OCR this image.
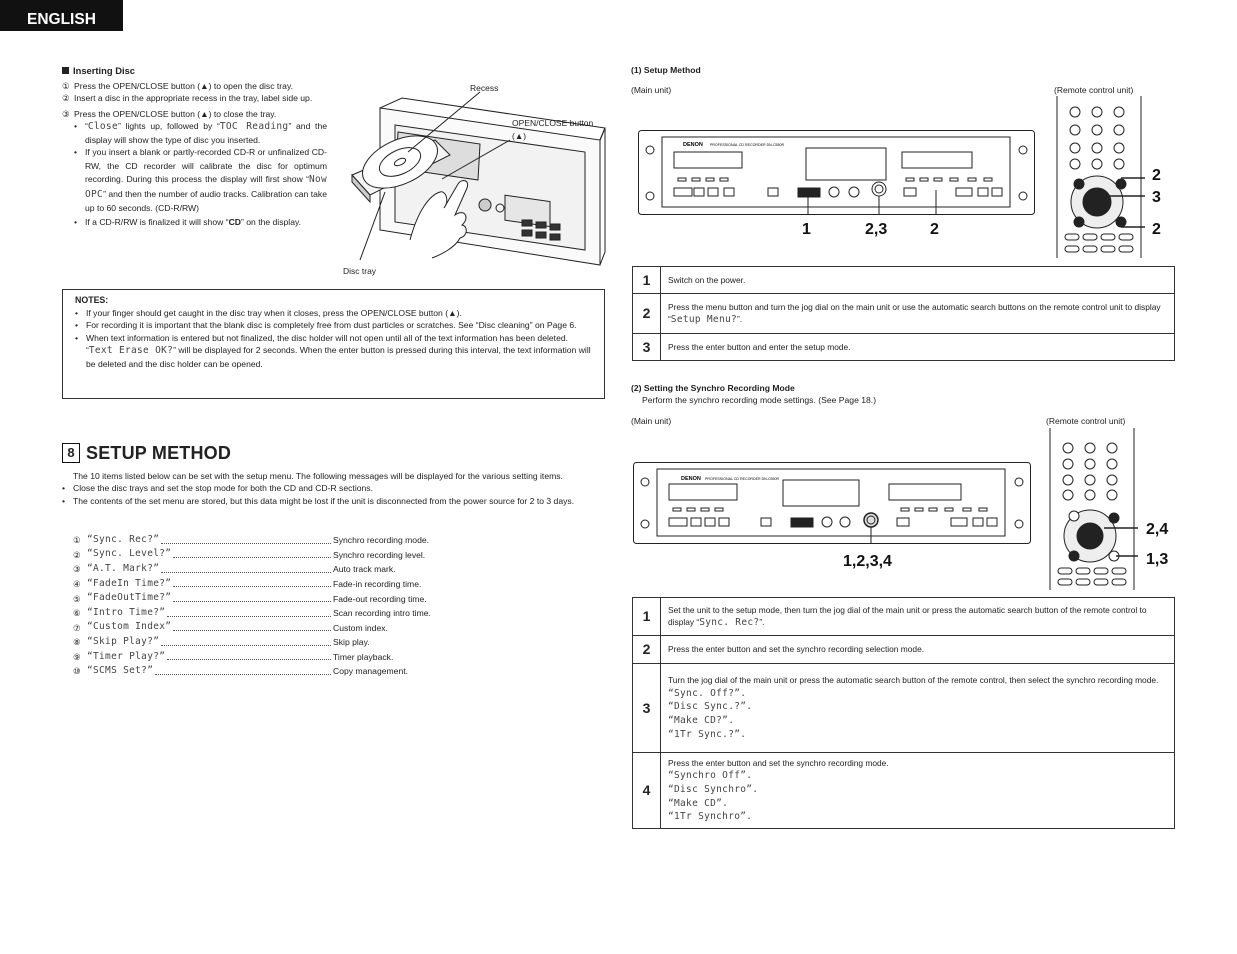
ENGLISH
Inserting Disc
① Press the OPEN/CLOSE button (▲) to open the disc tray.
② Insert a disc in the appropriate recess in the tray, label side up.
③ Press the OPEN/CLOSE button (▲) to close the tray.
• “Close” lights up, followed by “TOC Reading” and the display will show the type of disc you inserted.
• If you insert a blank or partly-recorded CD-R or unfinalized CD-RW, the CD recorder will calibrate the disc for optimum recording. During this process the display will first show “Now OPC” and then the number of audio tracks. Calibration can take up to 60 seconds. (CD-R/RW)
• If a CD-R/RW is finalized it will show “CD” on the display.
Recess
OPEN/CLOSE button
(▲)
Disc tray
NOTES:
• If your finger should get caught in the disc tray when it closes, press the OPEN/CLOSE button (▲).
• For recording it is important that the blank disc is completely free from dust particles or scratches. See “Disc cleaning” on Page 6.
• When text information is entered but not finalized, the disc holder will not open until all of the text information has been deleted.
“Text Erase OK?” will be displayed for 2 seconds. When the enter button is pressed during this interval, the text information will be deleted and the disc holder can be opened.
8 SETUP METHOD
The 10 items listed below can be set with the setup menu. The following messages will be displayed for the various setting items.
• Close the disc trays and set the stop mode for both the CD and CD-R sections.
• The contents of the set menu are stored, but this data might be lost if the unit is disconnected from the power source for 2 to 3 days.
① “Sync. Rec?”	Synchro recording mode.
② “Sync. Level?”	Synchro recording level.
③ “A.T. Mark?”	Auto track mark.
④ “FadeIn Time?”	Fade-in recording time.
⑤ “FadeOutTime?”	Fade-out recording time.
⑥ “Intro Time?”	Scan recording intro time.
⑦ “Custom Index”	Custom index.
⑧ “Skip Play?”	Skip play.
⑨ “Timer Play?”	Timer playback.
⑩ “SCMS Set?”	Copy management.
(1) Setup Method
(Main unit)	(Remote control unit)
DENON PROFESSIONAL CD RECORDER DN-C550R
1	2,3	2
2
3
2
1	Switch on the power.
2	Press the menu button and turn the jog dial on the main unit or use the automatic search buttons on the remote control unit to display “Setup Menu?”.
3	Press the enter button and enter the setup mode.
(2) Setting the Synchro Recording Mode
Perform the synchro recording mode settings. (See Page 18.)
(Main unit)	(Remote control unit)
DENON PROFESSIONAL CD RECORDER DN-C550R
1,2,3,4
2,4
1,3
1	Set the unit to the setup mode, then turn the jog dial of the main unit or press the automatic search button of the remote control to display “Sync. Rec?”.
2	Press the enter button and set the synchro recording selection mode.
3	Turn the jog dial of the main unit or press the automatic search button of the remote control, then select the synchro recording mode.
“Sync. Off?”.
“Disc Sync.?”.
“Make CD?”.
“1Tr Sync.?”.

4	Press the enter button and set the synchro recording mode.
“Synchro Off”.
“Disc Synchro”.
“Make CD”.
“1Tr Synchro”.
